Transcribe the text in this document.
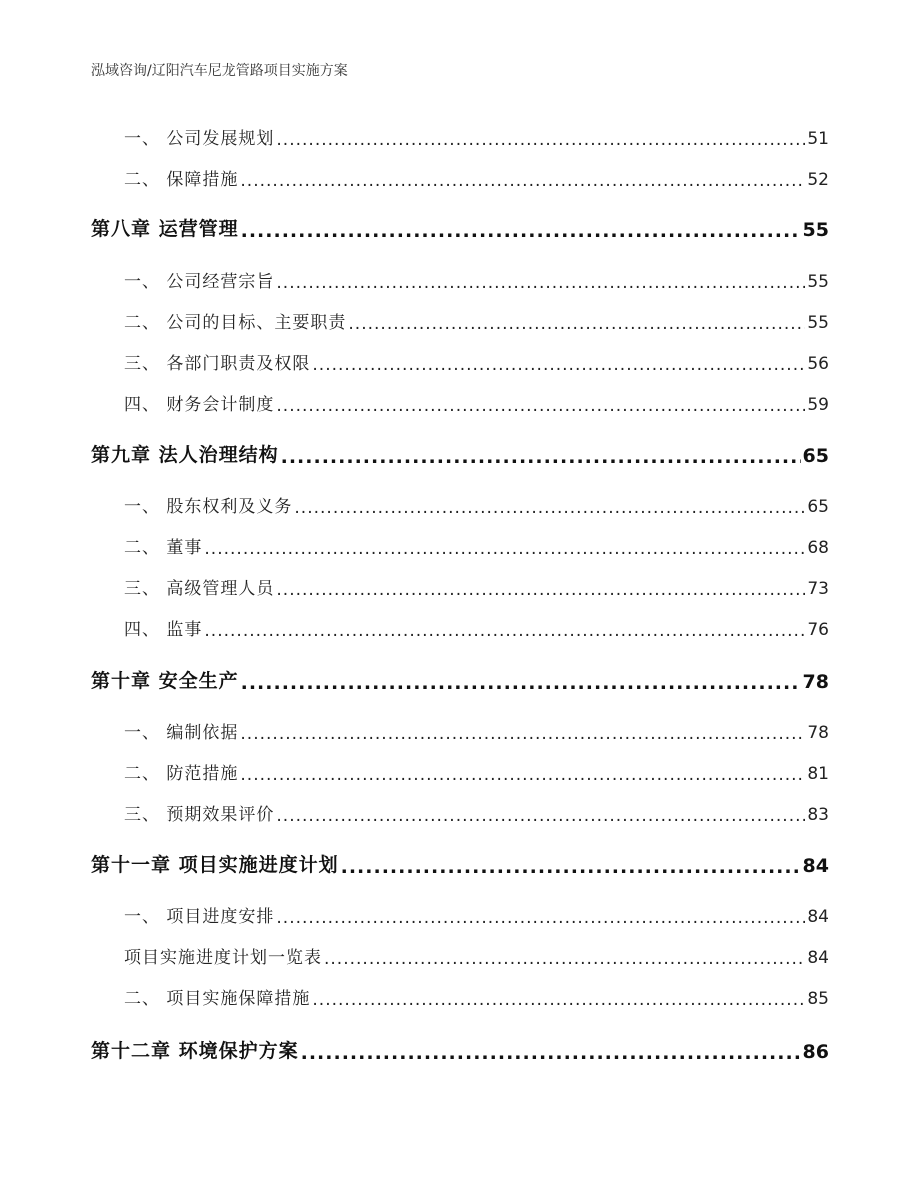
泓域咨询/辽阳汽车尼龙管路项目实施方案
一、 公司发展规划 .....	51
二、 保障措施 .....	52
第八章 运营管理 .....	55
一、 公司经营宗旨 .....	55
二、 公司的目标、主要职责 .....	55
三、 各部门职责及权限 .....	56
四、 财务会计制度 .....	59
第九章 法人治理结构 .....	65
一、 股东权利及义务 .....	65
二、 董事 .....	68
三、 高级管理人员 .....	73
四、 监事 .....	76
第十章 安全生产 .....	78
一、 编制依据 .....	78
二、 防范措施 .....	81
三、 预期效果评价 .....	83
第十一章 项目实施进度计划 .....	84
一、 项目进度安排 .....	84
项目实施进度计划一览表 .....	84
二、 项目实施保障措施 .....	85
第十二章 环境保护方案 .....	86
